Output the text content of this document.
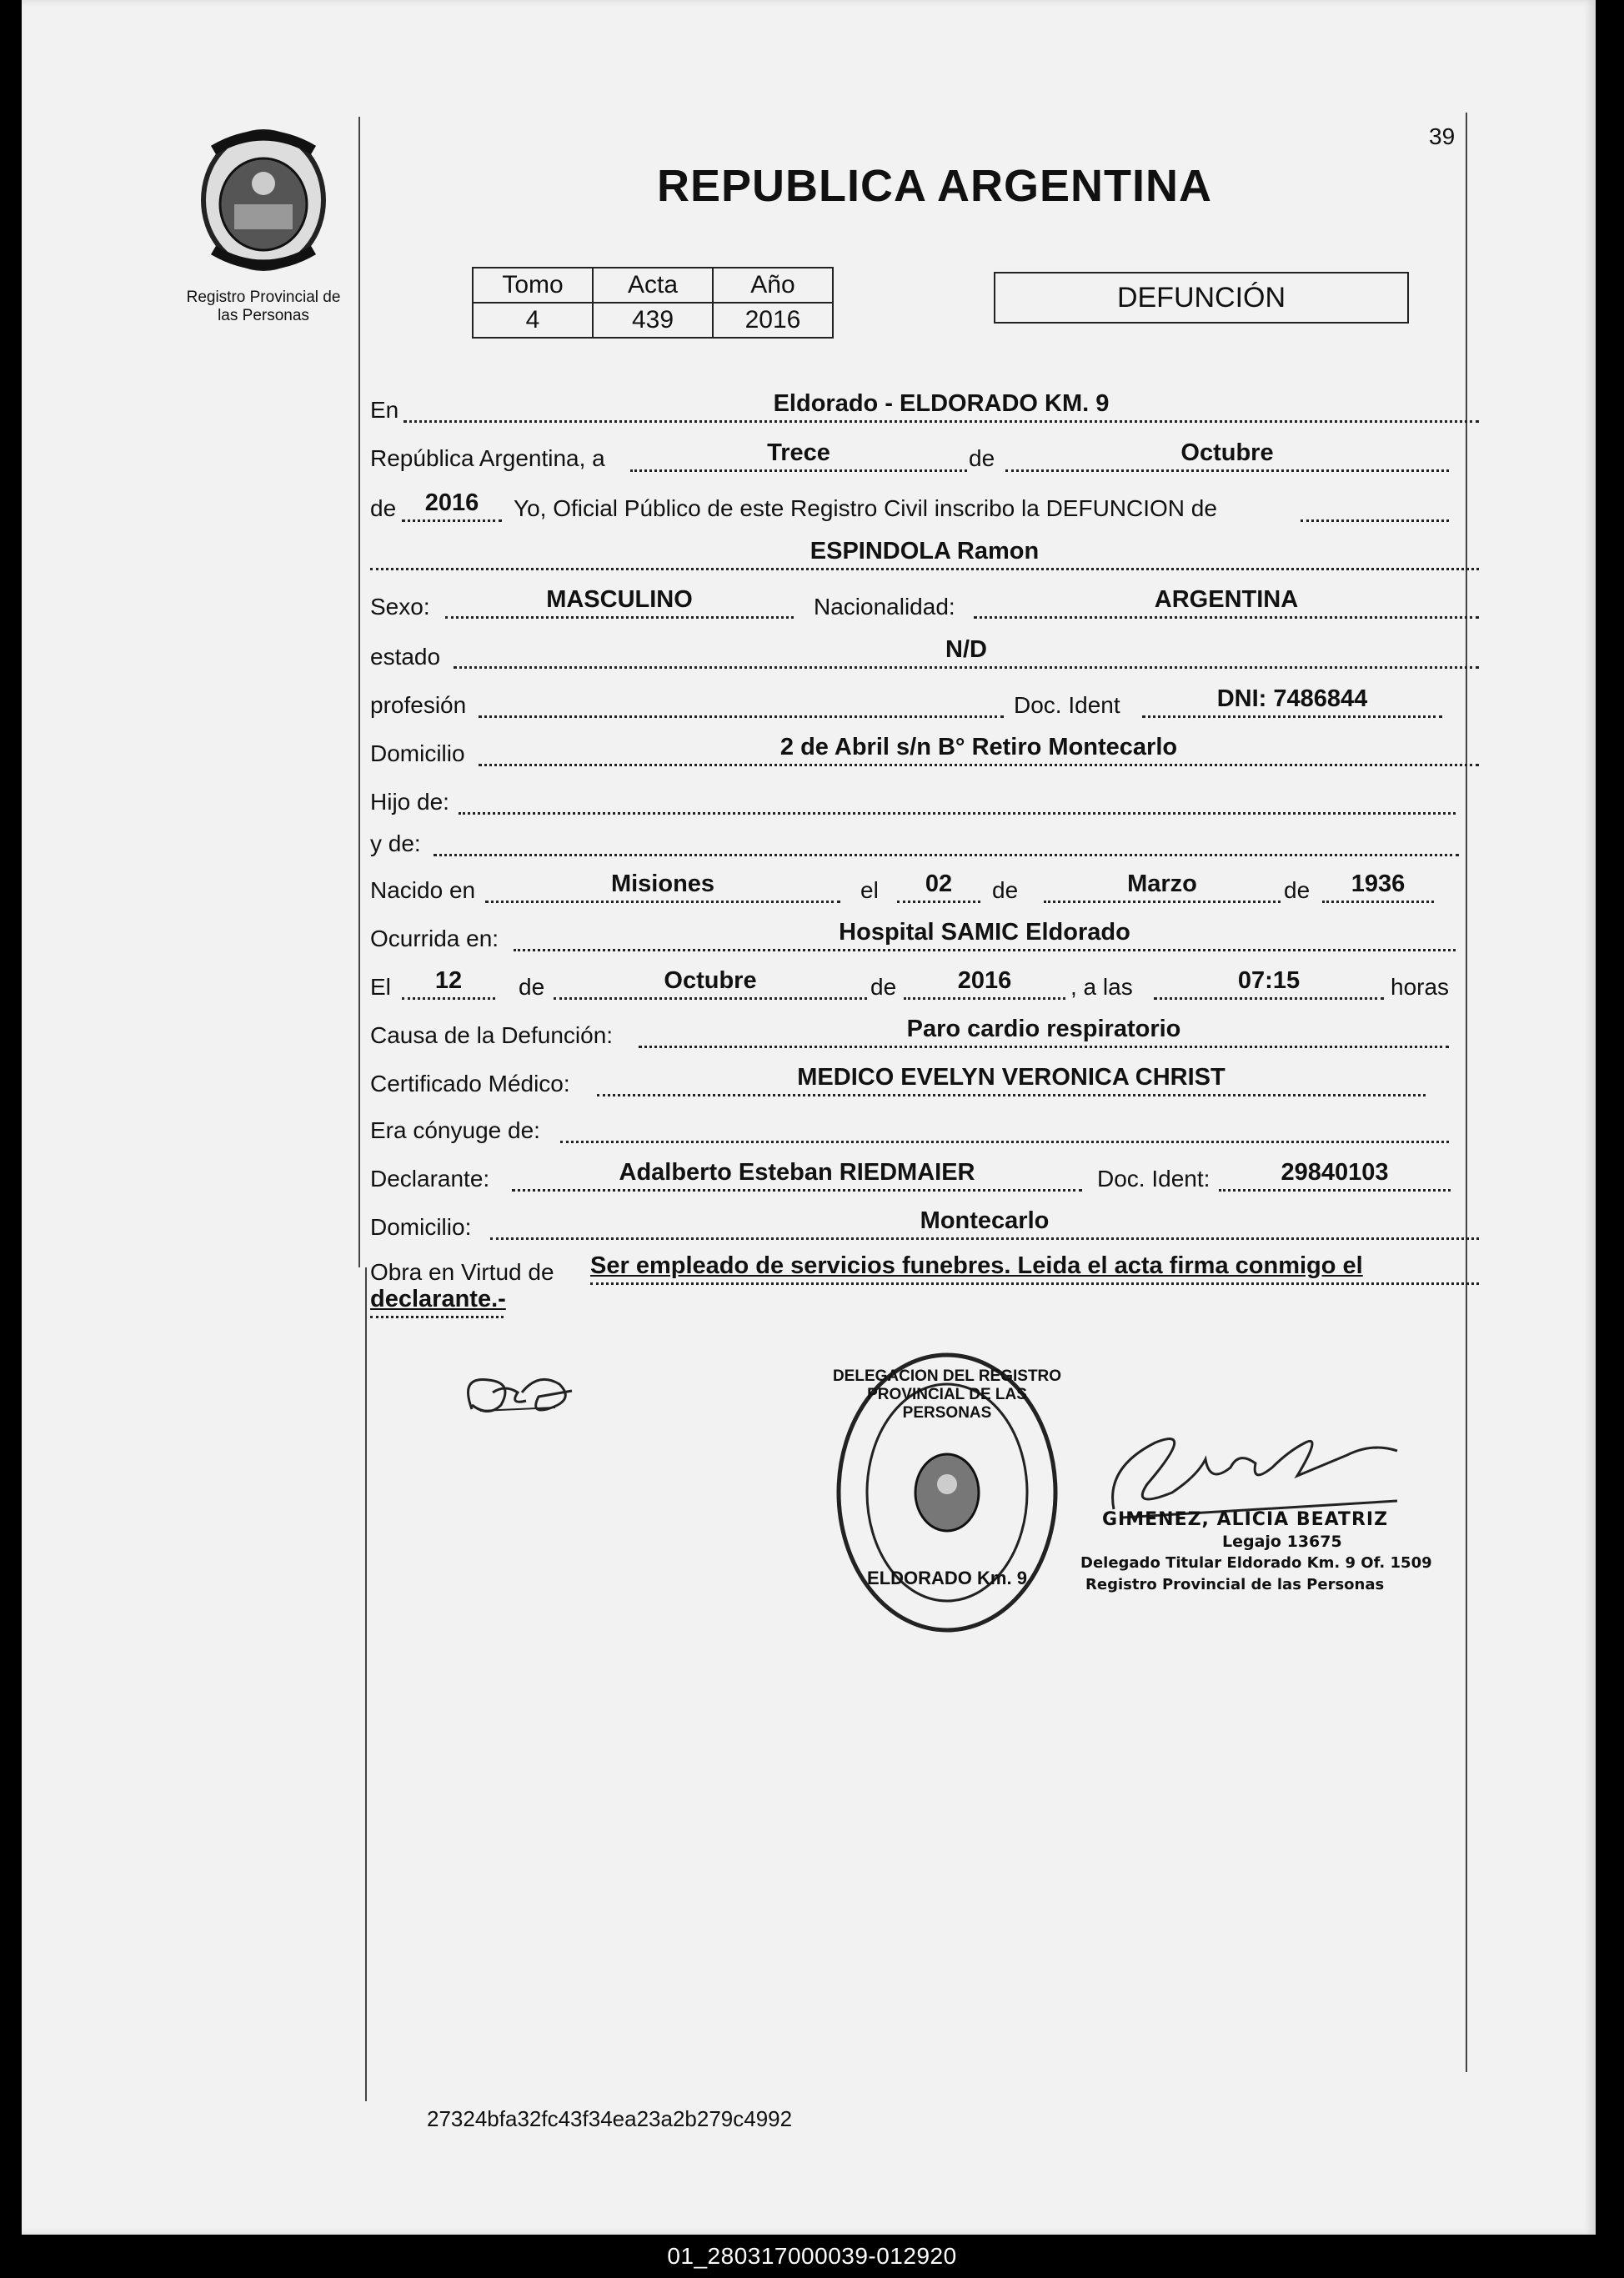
Registro Provincial de
las Personas
39
REPUBLICA ARGENTINA
Tomo	Acta	Año
4	439	2016
DEFUNCIÓN
En	Eldorado - ELDORADO KM. 9
República Argentina, a	Trece	de	Octubre
de	2016	Yo, Oficial Público de este Registro Civil inscribo la DEFUNCION de
ESPINDOLA Ramon
Sexo:	MASCULINO	Nacionalidad:	ARGENTINA
estado	N/D
profesión	Doc. Ident	DNI: 7486844
Domicilio	2 de Abril s/n B° Retiro Montecarlo
Hijo de:
y de:
Nacido en	Misiones	el	02	de	Marzo	de	1936
Ocurrida en:	Hospital SAMIC Eldorado
El	12	de	Octubre	de	2016	, a las	07:15	horas
Causa de la Defunción:	Paro cardio respiratorio
Certificado Médico:	MEDICO EVELYN VERONICA CHRIST
Era cónyuge de:
Declarante:	Adalberto Esteban RIEDMAIER	Doc. Ident:	29840103
Domicilio:	Montecarlo
Obra en Virtud de Ser empleado de servicios funebres. Leida el acta firma conmigo el
declarante.-
DELEGACION DEL REGISTRO PROVINCIAL DE LAS PERSONAS
ELDORADO Km. 9
GIMENEZ, ALICIA BEATRIZ
Legajo 13675
Delegado Titular Eldorado Km. 9 Of. 1509
Registro Provincial de las Personas
27324bfa32fc43f34ea23a2b279c4992
01_280317000039-012920
